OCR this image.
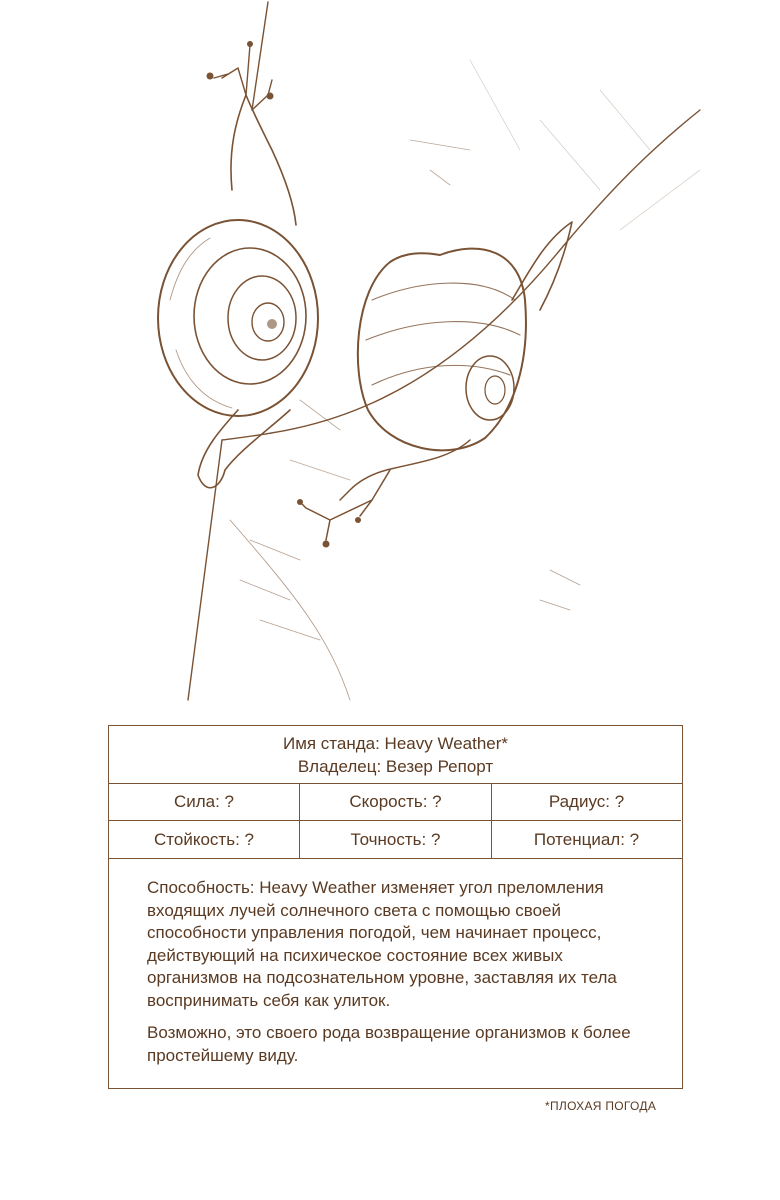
Имя станда: Heavy Weather*
Владелец: Везер Репорт
Сила: ?	Скорость: ?	Радиус: ?
Стойкость: ?	Точность: ?	Потенциал: ?

Способность: Heavy Weather изменяет угол преломления входящих лучей солнечного света с помощью своей способности управления погодой, чем начинает процесс, действующий на психическое состояние всех живых организмов на подсознательном уровне, заставляя их тела воспринимать себя как улиток.

Возможно, это своего рода возвращение организмов к более простейшему виду.

*ПЛОХАЯ ПОГОДА
